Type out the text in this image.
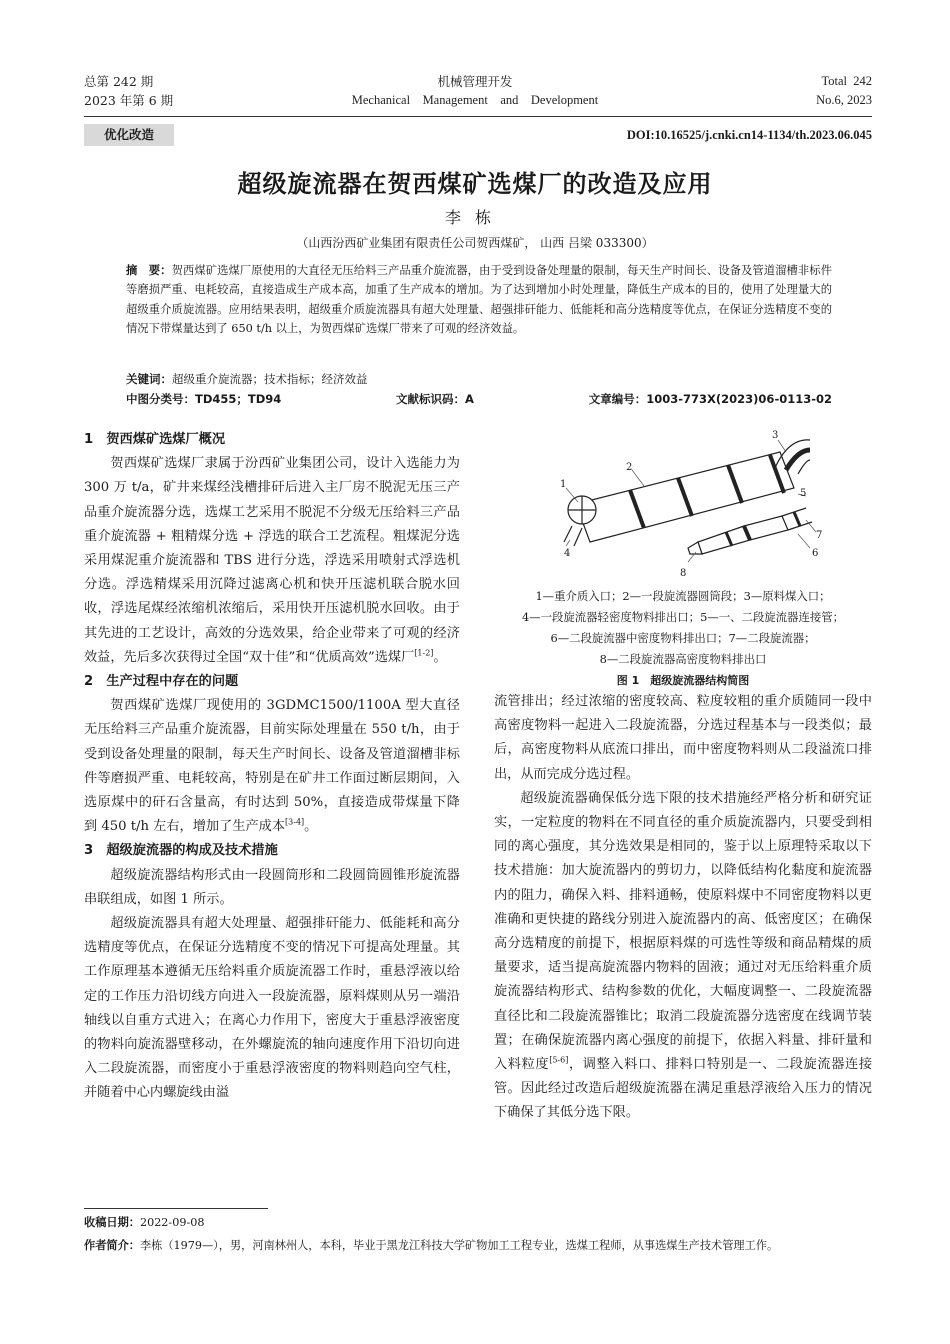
总第 242 期
2023 年第 6 期
机械管理开发
Mechanical    Management    and    Development
Total  242
No.6, 2023
优化改造	DOI:10.16525/j.cnki.cn14-1134/th.2023.06.045
超级旋流器在贺西煤矿选煤厂的改造及应用
李栋
（山西汾西矿业集团有限责任公司贺西煤矿， 山西 吕梁 033300）
摘　要：贺西煤矿选煤厂原使用的大直径无压给料三产品重介旋流器，由于受到设备处理量的限制，每天生产时间长、设备及管道溜槽非标件等磨损严重、电耗较高，直接造成生产成本高，加重了生产成本的增加。为了达到增加小时处理量，降低生产成本的目的，使用了处理量大的超级重介质旋流器。应用结果表明，超级重介质旋流器具有超大处理量、超强排矸能力、低能耗和高分选精度等优点，在保证分选精度不变的情况下带煤量达到了 650 t/h 以上，为贺西煤矿选煤厂带来了可观的经济效益。
关键词：超级重介旋流器；技术指标；经济效益
中图分类号：TD455；TD94	文献标识码：A	文章编号：1003-773X(2023)06-0113-02
1　贺西煤矿选煤厂概况

贺西煤矿选煤厂隶属于汾西矿业集团公司，设计入选能力为 300 万 t/a，矿井来煤经浅槽排矸后进入主厂房不脱泥无压三产品重介旋流器分选，选煤工艺采用不脱泥不分级无压给料三产品重介旋流器 + 粗精煤分选 + 浮选的联合工艺流程。粗煤泥分选采用煤泥重介旋流器和 TBS 进行分选，浮选采用喷射式浮选机分选。浮选精煤采用沉降过滤离心机和快开压滤机联合脱水回收，浮选尾煤经浓缩机浓缩后，采用快开压滤机脱水回收。由于其先进的工艺设计，高效的分选效果，给企业带来了可观的经济效益，先后多次获得过全国“双十佳”和“优质高效”选煤厂[1-2]。

2　生产过程中存在的问题

贺西煤矿选煤厂现使用的 3GDMC1500/1100A 型大直径无压给料三产品重介旋流器，目前实际处理量在 550 t/h，由于受到设备处理量的限制，每天生产时间长、设备及管道溜槽非标件等磨损严重、电耗较高，特别是在矿井工作面过断层期间，入选原煤中的矸石含量高，有时达到 50%，直接造成带煤量下降到 450 t/h 左右，增加了生产成本[3-4]。

3　超级旋流器的构成及技术措施

超级旋流器结构形式由一段圆筒形和二段圆筒圆锥形旋流器串联组成，如图 1 所示。

超级旋流器具有超大处理量、超强排矸能力、低能耗和高分选精度等优点，在保证分选精度不变的情况下可提高处理量。其工作原理基本遵循无压给料重介质旋流器工作时，重悬浮液以给定的工作压力沿切线方向进入一段旋流器，原料煤则从另一端沿轴线以自重方式进入；在离心力作用下，密度大于重悬浮液密度的物料向旋流器壁移动，在外螺旋流的轴向速度作用下沿切向进入二段旋流器，而密度小于重悬浮液密度的物料则趋向空气柱，并随着中心内螺旋线由溢

1
2
3
4
5
6
7
8
1—重介质入口；2—一段旋流器圆筒段；3—原料煤入口；
4—一段旋流器轻密度物料排出口；5—一、二段旋流器连接管；
6—二段旋流器中密度物料排出口；7—二段旋流器；
8—二段旋流器高密度物料排出口
图 1　超级旋流器结构简图

流管排出；经过浓缩的密度较高、粒度较粗的重介质随同一段中高密度物料一起进入二段旋流器，分选过程基本与一段类似；最后，高密度物料从底流口排出，而中密度物料则从二段溢流口排出，从而完成分选过程。

超级旋流器确保低分选下限的技术措施经严格分析和研究证实，一定粒度的物料在不同直径的重介质旋流器内，只要受到相同的离心强度，其分选效果是相同的，鉴于以上原理特采取以下技术措施：加大旋流器内的剪切力，以降低结构化黏度和旋流器内的阻力，确保入料、排料通畅，使原料煤中不同密度物料以更准确和更快捷的路线分别进入旋流器内的高、低密度区；在确保高分选精度的前提下，根据原料煤的可选性等级和商品精煤的质量要求，适当提高旋流器内物料的固液；通过对无压给料重介质旋流器结构形式、结构参数的优化，大幅度调整一、二段旋流器直径比和二段旋流器锥比；取消二段旋流器分选密度在线调节装置；在确保旋流器内离心强度的前提下，依据入料量、排矸量和入料粒度[5-6]，调整入料口、排料口特别是一、二段旋流器连接管。因此经过改造后超级旋流器在满足重悬浮液给入压力的情况下确保了其低分选下限。

收稿日期：2022-09-08
作者简介：李栋（1979—），男，河南林州人，本科，毕业于黑龙江科技大学矿物加工工程专业，选煤工程师，从事选煤生产技术管理工作。
